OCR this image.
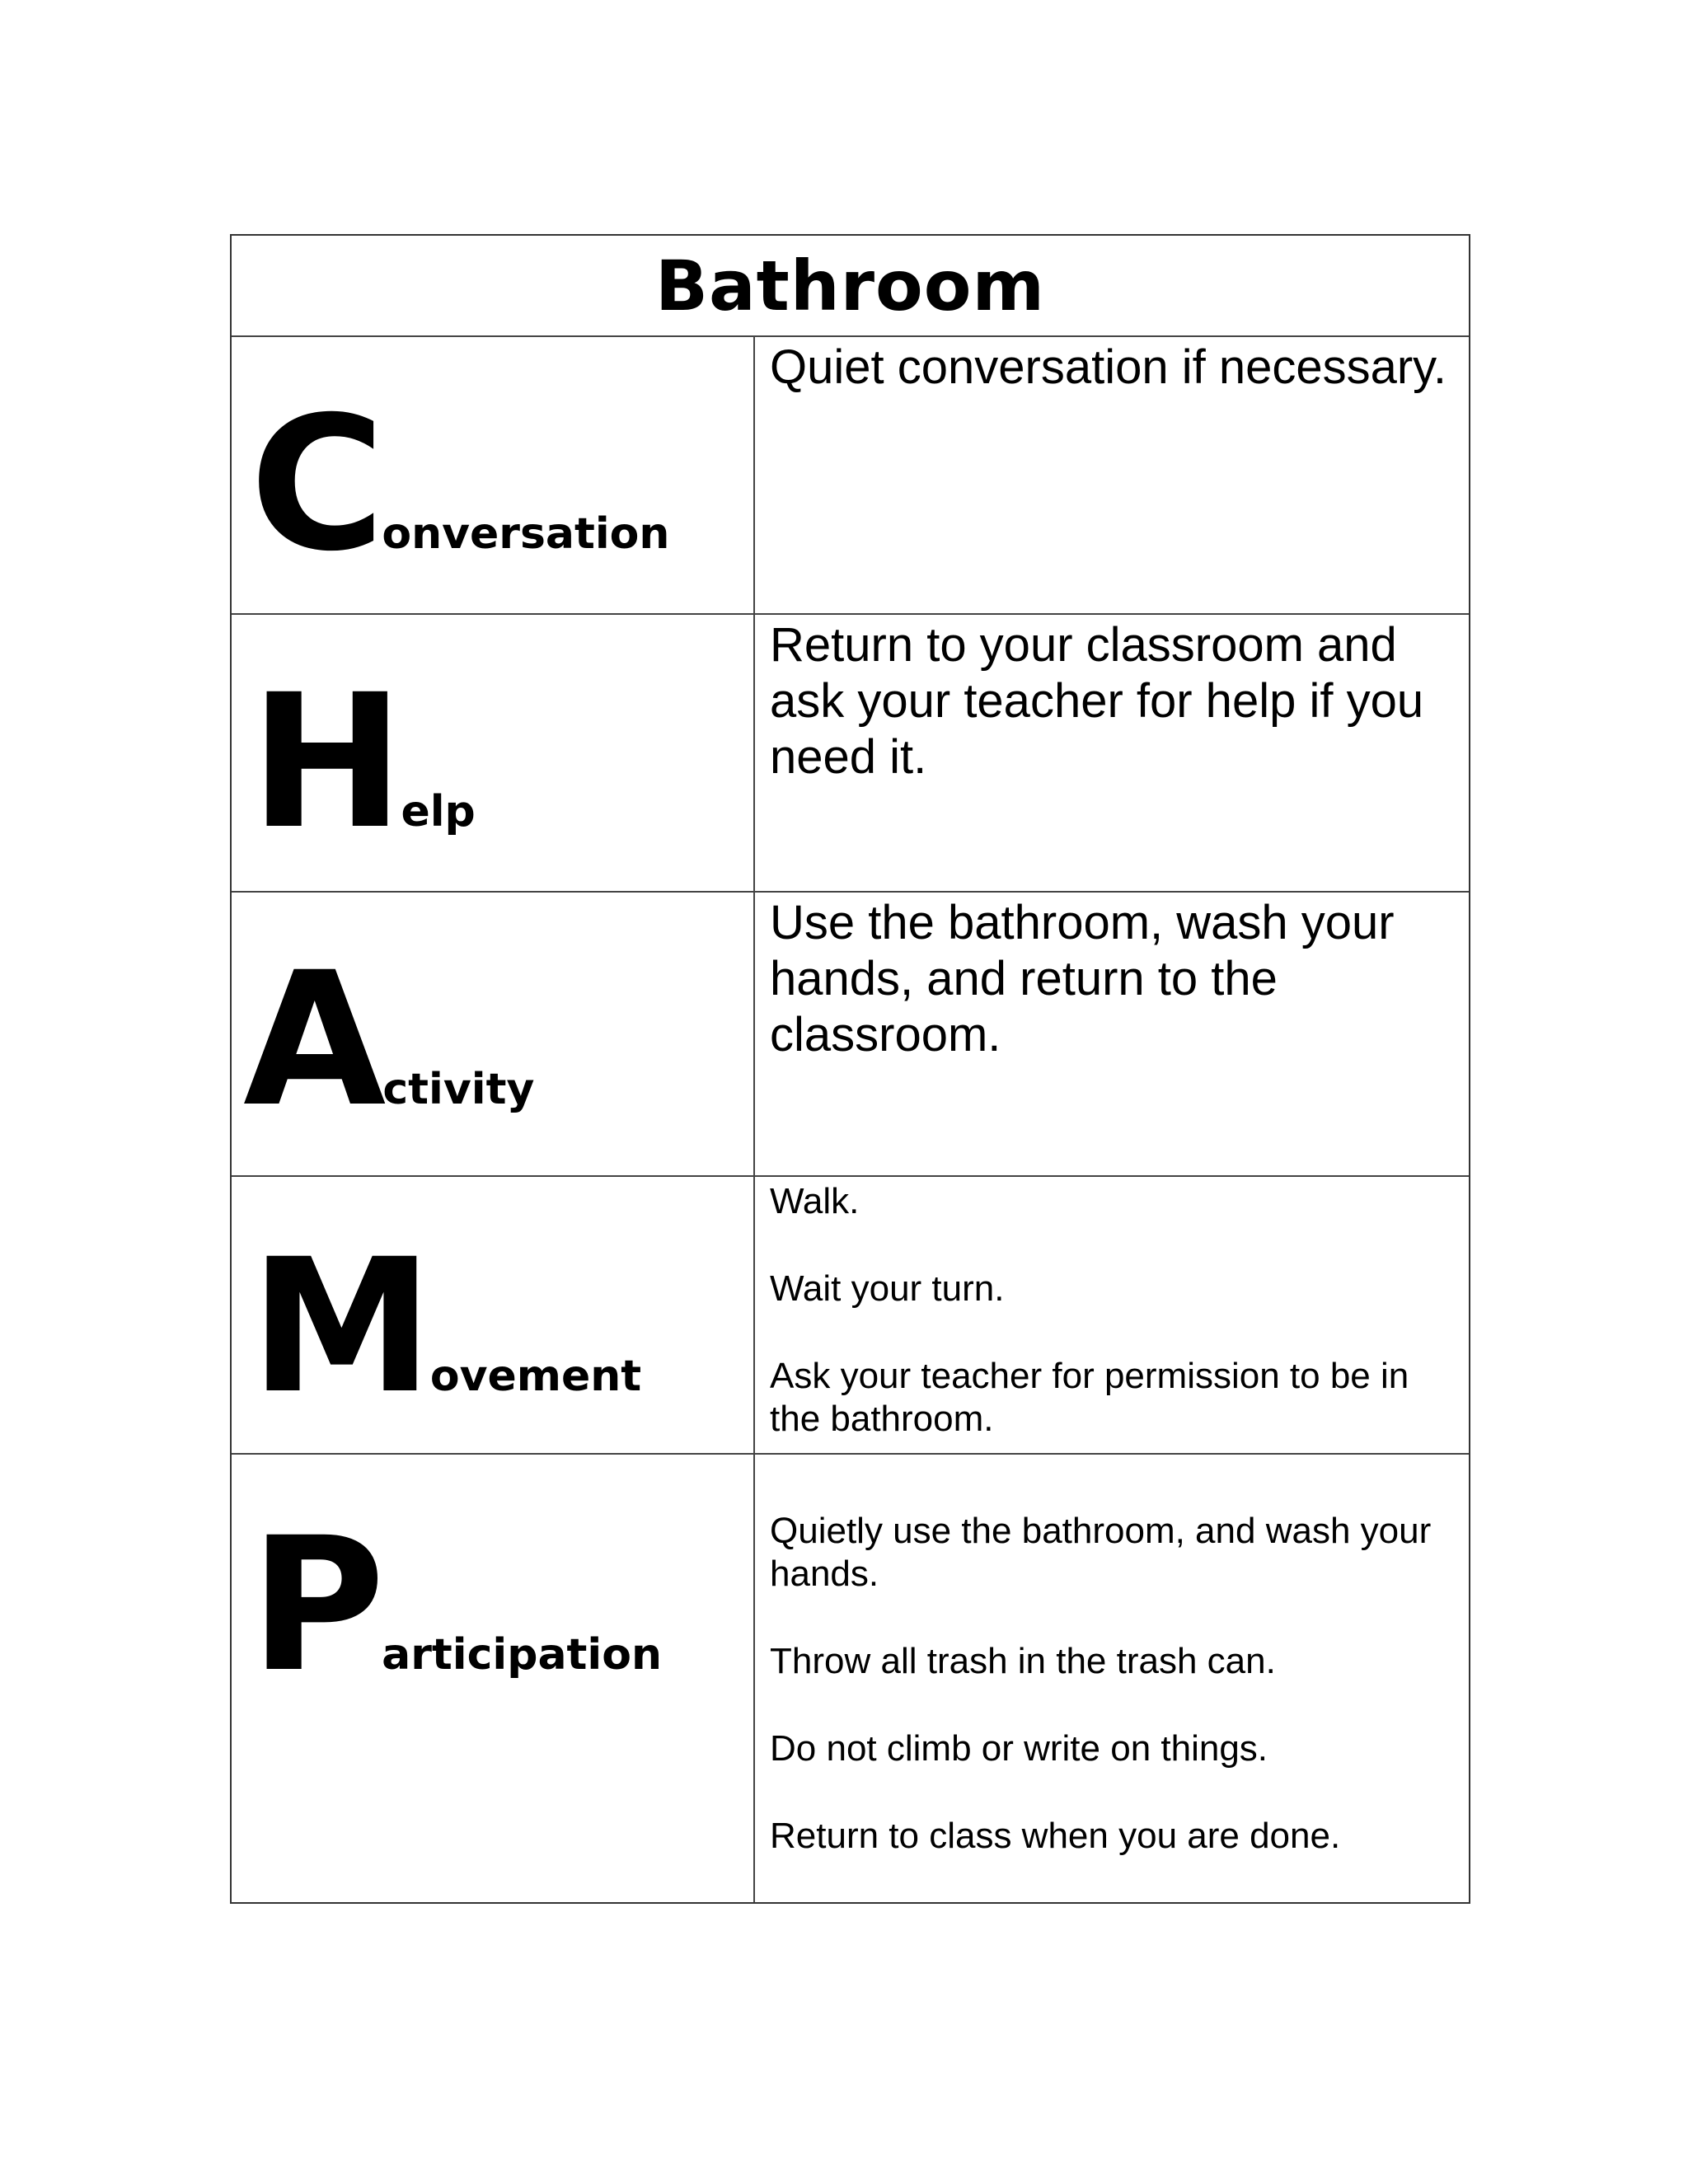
Bathroom
Conversation

Quiet conversation if necessary.

Help

Return to your classroom and ask your teacher for help if you need it.

Activity

Use the bathroom, wash your hands, and return to the classroom.

Movement

Walk.

Wait your turn.

Ask your teacher for permission to be in the bathroom.

Participation

Quietly use the bathroom, and wash your hands.

Throw all trash in the trash can.

Do not climb or write on things.

Return to class when you are done.
